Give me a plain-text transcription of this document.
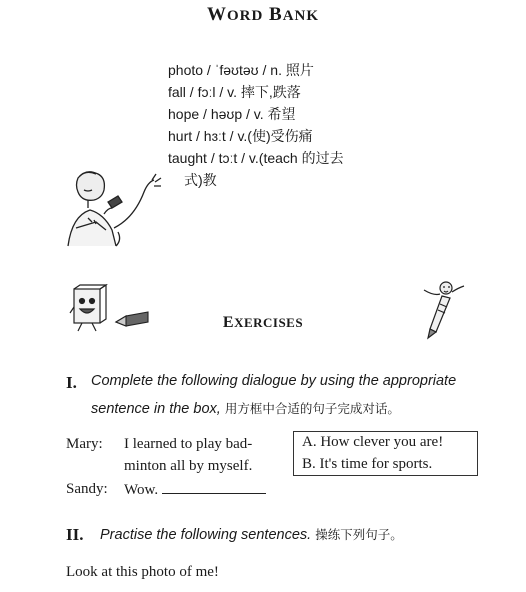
WORD BANK
photo / ˈfəʊtəʊ / n. 照片
fall / fɔːl / v. 摔下,跌落
hope / həʊp / v. 希望
hurt / hɜːt / v.(使)受伤痛
taught / tɔːt / v.(teach 的过去
式)教
EXERCISES
I. Complete the following dialogue by using the appropriate
sentence in the box, 用方框中合适的句子完成对话。
Mary: I learned to play bad-
minton all by myself.
Sandy: Wow.
A. How clever you are!
B. It's time for sports.
II. Practise the following sentences. 操练下列句子。
Look at this photo of me!
